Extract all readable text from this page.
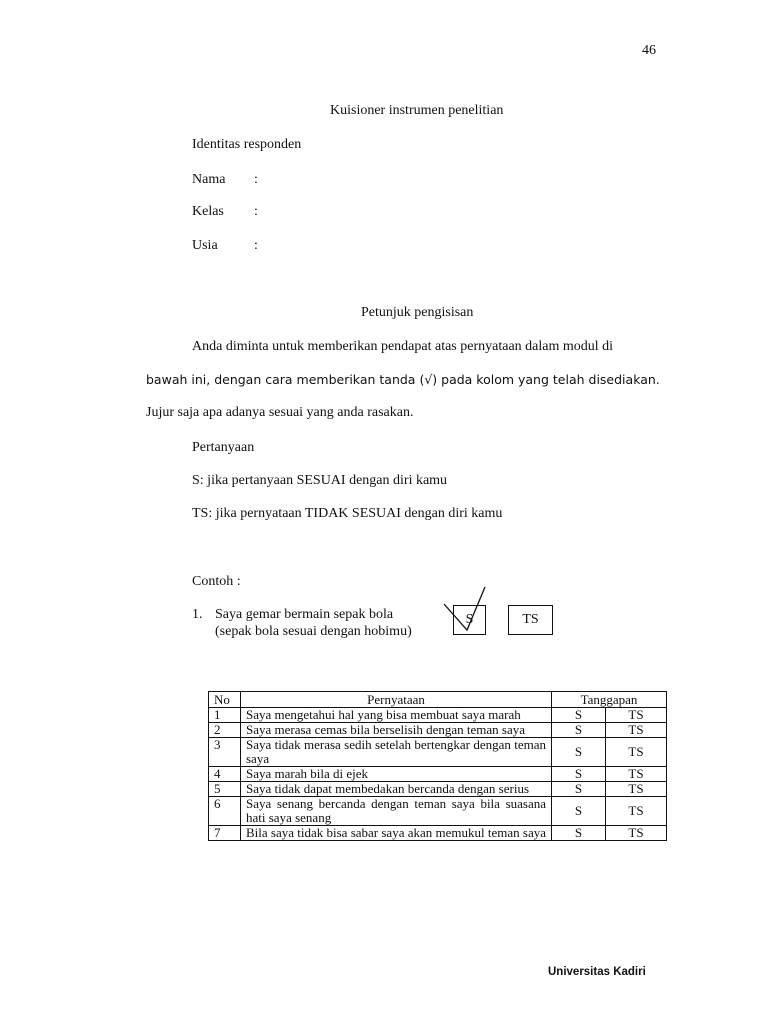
46
Kuisioner instrumen penelitian
Identitas responden
Nama :
Kelas :
Usia	:
Petunjuk pengisisan
Anda diminta untuk memberikan pendapat atas pernyataan dalam modul di
bawah ini, dengan cara memberikan tanda (√) pada kolom yang telah disediakan.
Jujur saja apa adanya sesuai yang anda rasakan.
Pertanyaan
S: jika pertanyaan SESUAI dengan diri kamu
TS: jika pernyataan TIDAK SESUAI dengan diri kamu
Contoh :
1. Saya gemar bermain sepak bola
(sepak bola sesuai dengan hobimu)
S	TS
No	Pernyataan	Tanggapan	
1	Saya mengetahui hal yang bisa membuat saya marah	S	TS
2	Saya merasa cemas bila berselisih dengan teman saya	S	TS
3	Saya tidak merasa sedih setelah bertengkar dengan teman saya	S	TS
4	Saya marah bila di ejek	S	TS
5	Saya tidak dapat membedakan bercanda dengan serius	S	TS
6	Saya senang bercanda dengan teman saya bila suasana hati saya senang	S	TS
7	Bila saya tidak bisa sabar saya akan memukul teman saya	S	TS
Universitas Kadiri
